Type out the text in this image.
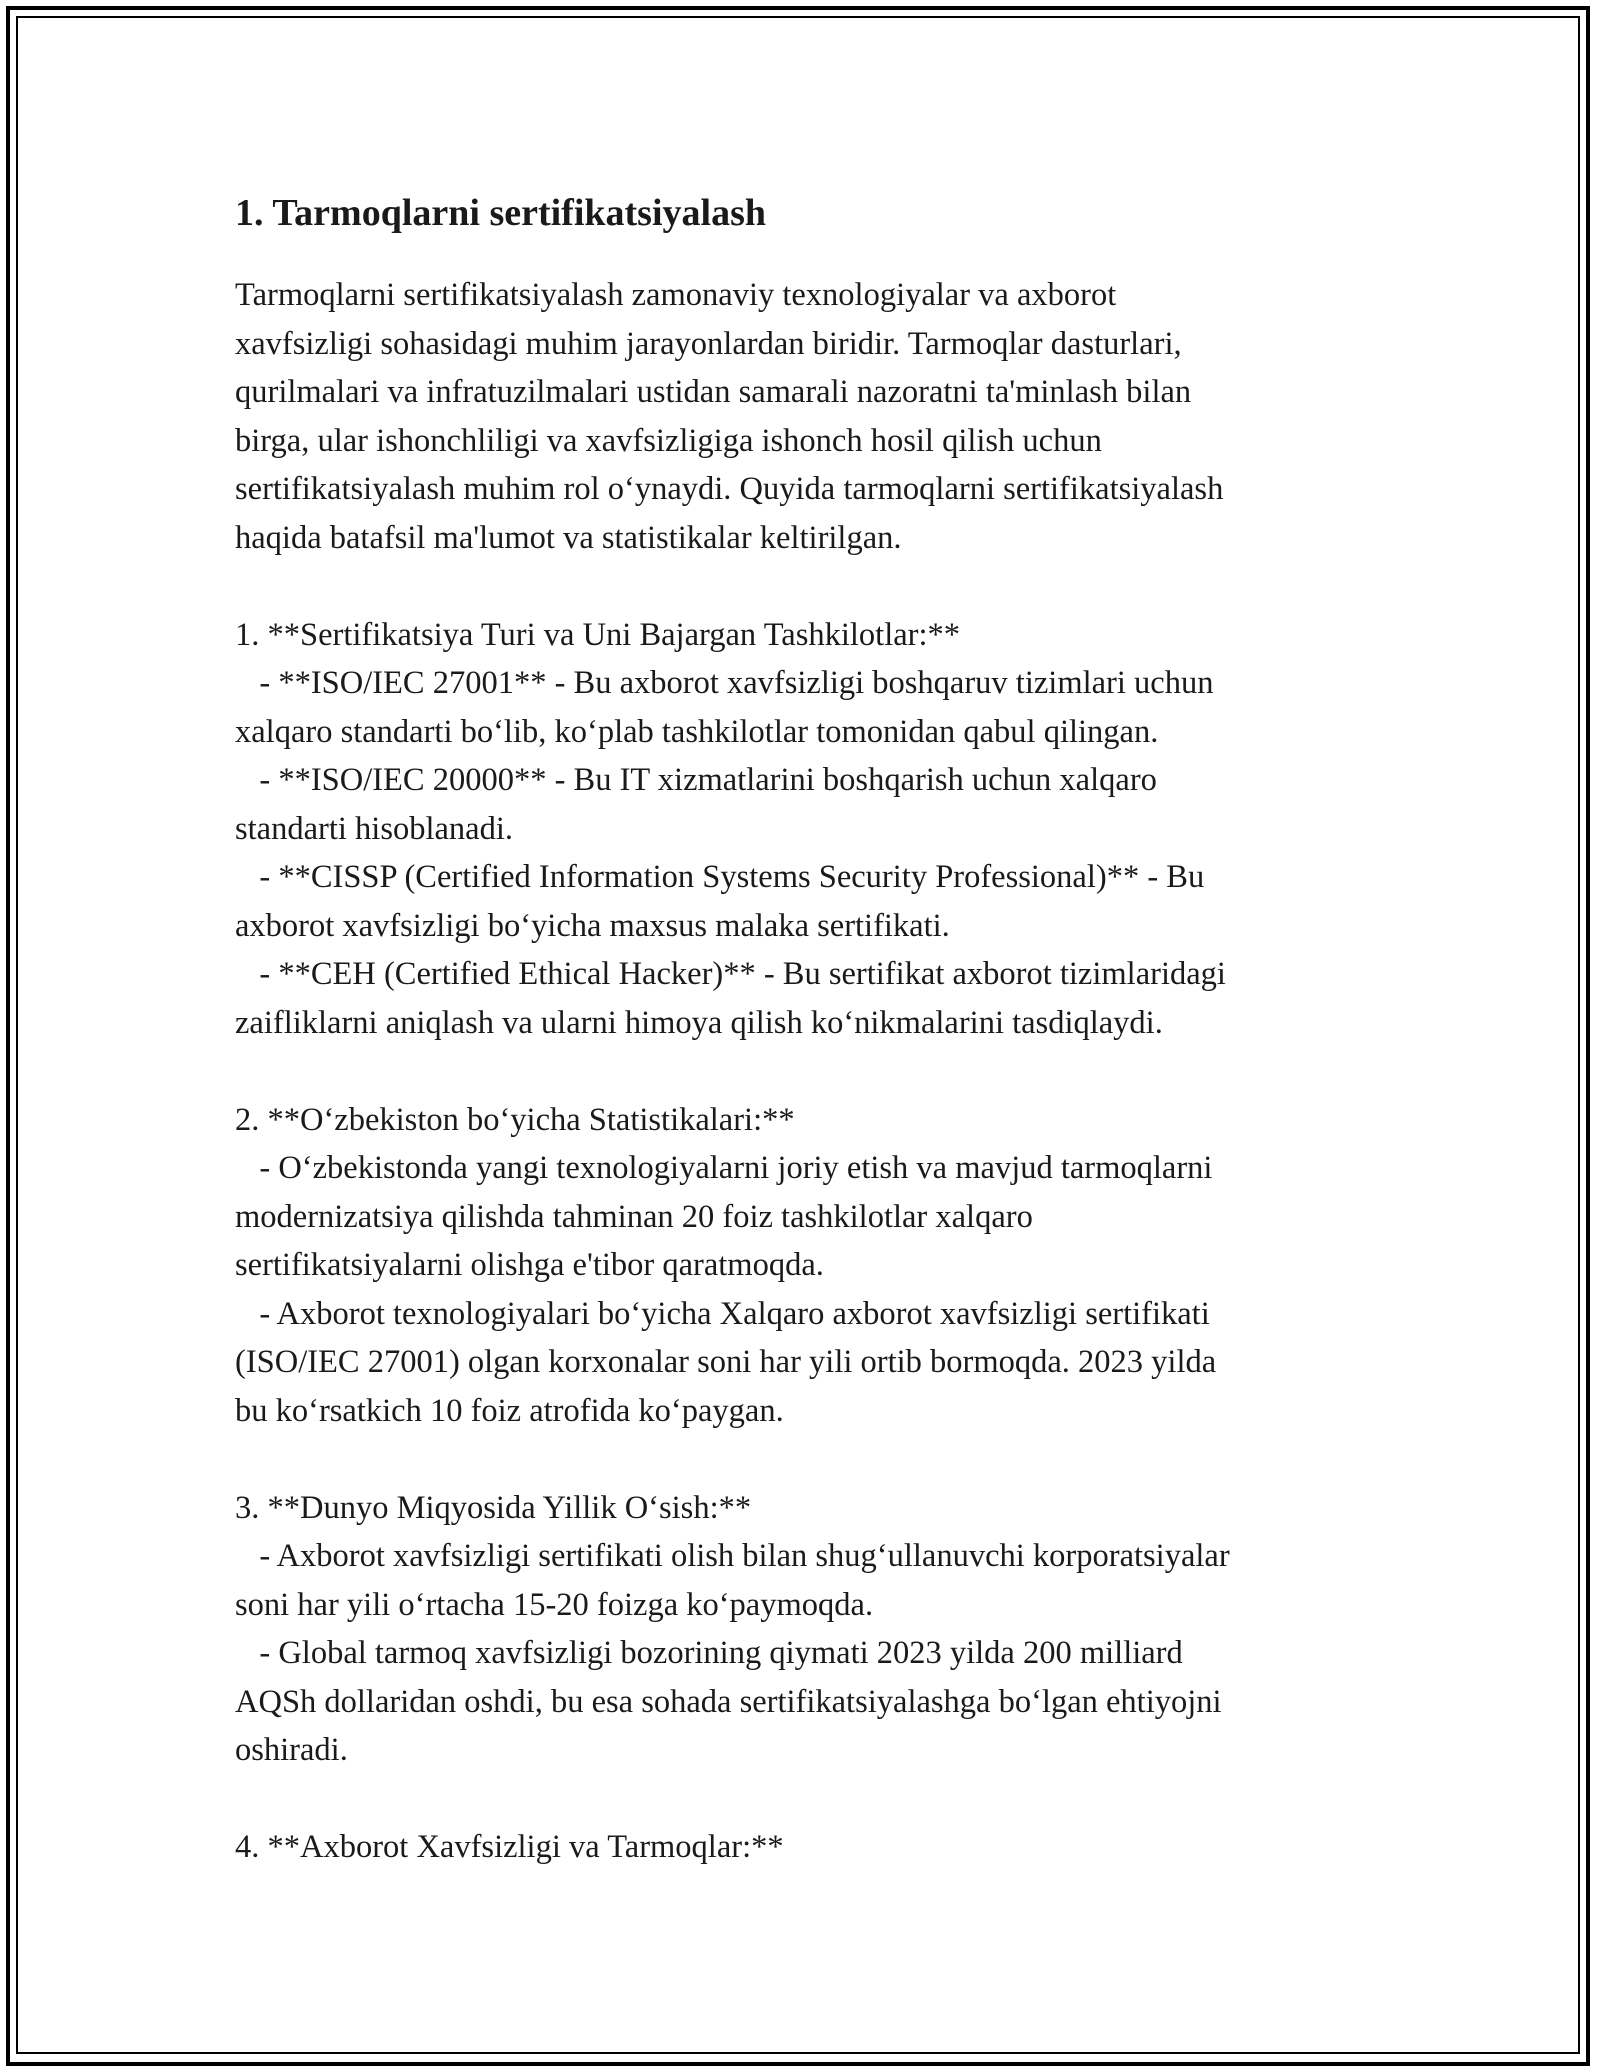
1. Tarmoqlarni sertifikatsiyalash

Tarmoqlarni sertifikatsiyalash zamonaviy texnologiyalar va axborot
xavfsizligi sohasidagi muhim jarayonlardan biridir. Tarmoqlar dasturlari,
qurilmalari va infratuzilmalari ustidan samarali nazoratni ta'minlash bilan
birga, ular ishonchliligi va xavfsizligiga ishonch hosil qilish uchun
sertifikatsiyalash muhim rol o‘ynaydi. Quyida tarmoqlarni sertifikatsiyalash
haqida batafsil ma'lumot va statistikalar keltirilgan.

1. **Sertifikatsiya Turi va Uni Bajargan Tashkilotlar:**

- **ISO/IEC 27001** - Bu axborot xavfsizligi boshqaruv tizimlari uchun
xalqaro standarti bo‘lib, ko‘plab tashkilotlar tomonidan qabul qilingan.
- **ISO/IEC 20000** - Bu IT xizmatlarini boshqarish uchun xalqaro
standarti hisoblanadi.
- **CISSP (Certified Information Systems Security Professional)** - Bu
axborot xavfsizligi bo‘yicha maxsus malaka sertifikati.
- **CEH (Certified Ethical Hacker)** - Bu sertifikat axborot tizimlaridagi
zaifliklarni aniqlash va ularni himoya qilish ko‘nikmalarini tasdiqlaydi.

2. **O‘zbekiston bo‘yicha Statistikalari:**

- O‘zbekistonda yangi texnologiyalarni joriy etish va mavjud tarmoqlarni
modernizatsiya qilishda tahminan 20 foiz tashkilotlar xalqaro
sertifikatsiyalarni olishga e'tibor qaratmoqda.
- Axborot texnologiyalari bo‘yicha Xalqaro axborot xavfsizligi sertifikati
(ISO/IEC 27001) olgan korxonalar soni har yili ortib bormoqda. 2023 yilda
bu ko‘rsatkich 10 foiz atrofida ko‘paygan.

3. **Dunyo Miqyosida Yillik O‘sish:**

- Axborot xavfsizligi sertifikati olish bilan shug‘ullanuvchi korporatsiyalar
soni har yili o‘rtacha 15-20 foizga ko‘paymoqda.
- Global tarmoq xavfsizligi bozorining qiymati 2023 yilda 200 milliard
AQSh dollaridan oshdi, bu esa sohada sertifikatsiyalashga bo‘lgan ehtiyojni
oshiradi.

4. **Axborot Xavfsizligi va Tarmoqlar:**
